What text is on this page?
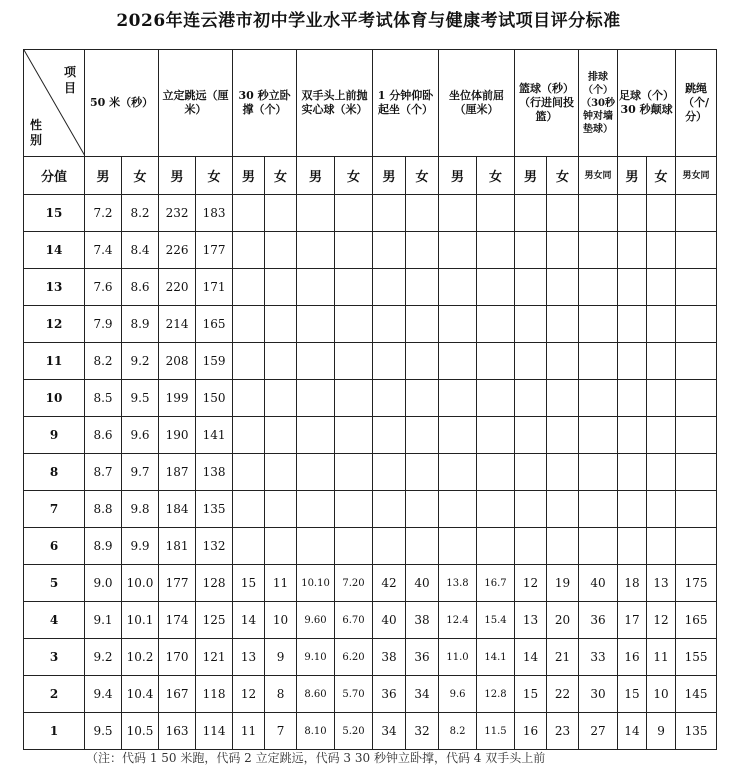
2026年连云港市初中学业水平考试体育与健康考试项目评分标准
项目
性别	50 米（秒）		立定跳远（厘米）		30 秒立卧撑（个）		双手头上前抛实心球（米）		1 分钟仰卧起坐（个）		坐位体前屈（厘米）		篮球（秒）（行进间投篮）		排球（个）（30秒钟对墙垫球）	足球（个）30 秒颠球		跳绳（个/分）
分值	男	女	男	女	男	女	男	女	男	女	男	女	男	女	男女同	男	女	男女同
15	7.2	8.2	232	183														
14	7.4	8.4	226	177														
13	7.6	8.6	220	171														
12	7.9	8.9	214	165														
11	8.2	9.2	208	159														
10	8.5	9.5	199	150														
9	8.6	9.6	190	141														
8	8.7	9.7	187	138														
7	8.8	9.8	184	135														
6	8.9	9.9	181	132														
5	9.0	10.0	177	128	15	11	10.10	7.20	42	40	13.8	16.7	12	19	40	18	13	175
4	9.1	10.1	174	125	14	10	9.60	6.70	40	38	12.4	15.4	13	20	36	17	12	165
3	9.2	10.2	170	121	13	9	9.10	6.20	38	36	11.0	14.1	14	21	33	16	11	155
2	9.4	10.4	167	118	12	8	8.60	5.70	36	34	9.6	12.8	15	22	30	15	10	145
1	9.5	10.5	163	114	11	7	8.10	5.20	34	32	8.2	11.5	16	23	27	14	9	135
（注：代码 1 50 米跑，代码 2 立定跳远，代码 3 30 秒钟立卧撑，代码 4 双手头上前
